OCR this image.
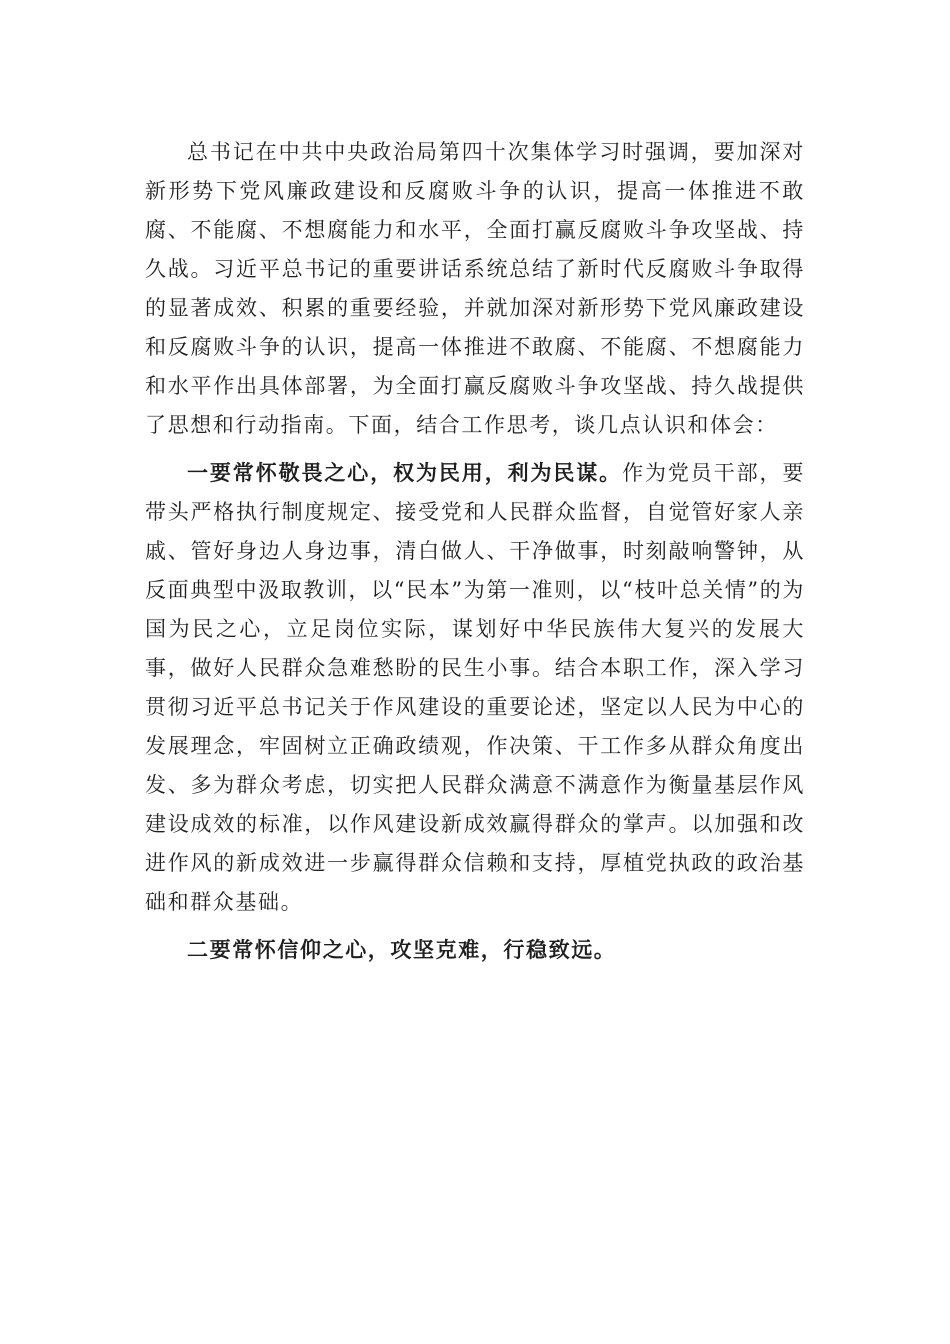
总书记在中共中央政治局第四十次集体学习时强调，要加深对新形势下党风廉政建设和反腐败斗争的认识，提高一体推进不敢腐、不能腐、不想腐能力和水平，全面打赢反腐败斗争攻坚战、持久战。习近平总书记的重要讲话系统总结了新时代反腐败斗争取得的显著成效、积累的重要经验，并就加深对新形势下党风廉政建设和反腐败斗争的认识，提高一体推进不敢腐、不能腐、不想腐能力和水平作出具体部署，为全面打赢反腐败斗争攻坚战、持久战提供了思想和行动指南。下面，结合工作思考，谈几点认识和体会：

一要常怀敬畏之心，权为民用，利为民谋。作为党员干部，要带头严格执行制度规定、接受党和人民群众监督，自觉管好家人亲戚、管好身边人身边事，清白做人、干净做事，时刻敲响警钟，从反面典型中汲取教训，以“民本”为第一准则，以“枝叶总关情”的为国为民之心，立足岗位实际，谋划好中华民族伟大复兴的发展大事，做好人民群众急难愁盼的民生小事。结合本职工作，深入学习贯彻习近平总书记关于作风建设的重要论述，坚定以人民为中心的发展理念，牢固树立正确政绩观，作决策、干工作多从群众角度出发、多为群众考虑，切实把人民群众满意不满意作为衡量基层作风建设成效的标准，以作风建设新成效赢得群众的掌声。以加强和改进作风的新成效进一步赢得群众信赖和支持，厚植党执政的政治基础和群众基础。

二要常怀信仰之心，攻坚克难，行稳致远。
